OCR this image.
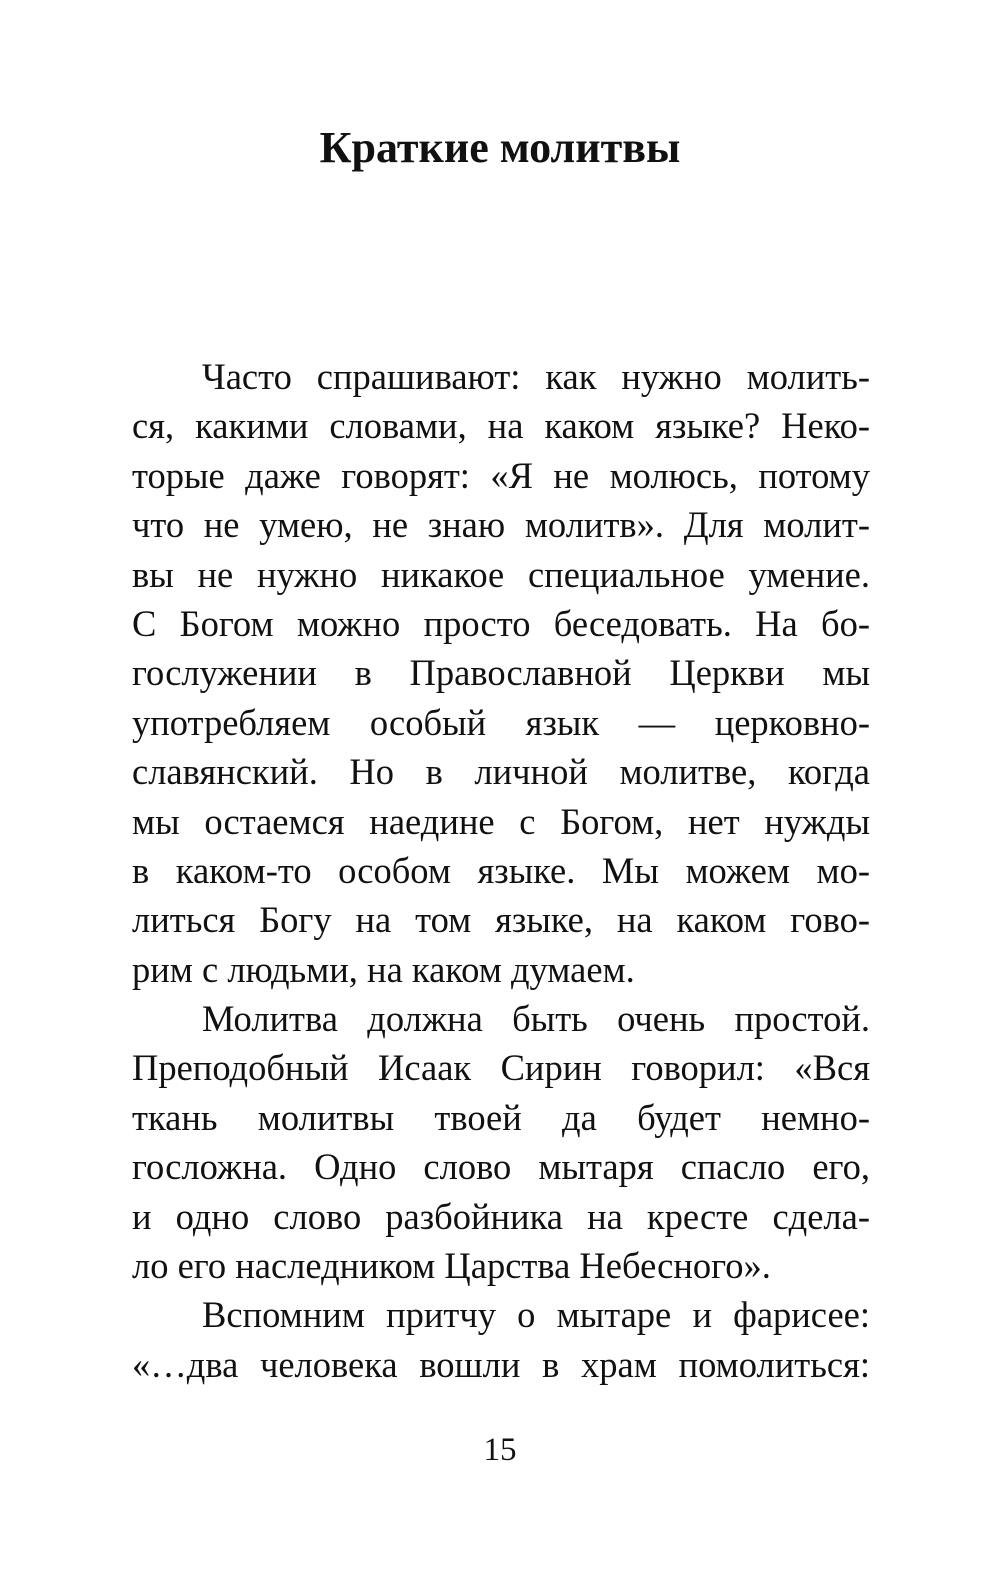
Краткие молитвы
Часто спрашивают: как нужно молить-
ся, какими словами, на каком языке? Неко-
торые даже говорят: «Я не молюсь, потому
что не умею, не знаю молитв». Для молит-
вы не нужно никакое специальное умение.
С Богом можно просто беседовать. На бо-
гослужении в Православной Церкви мы
употребляем особый язык — церковно-
славянский. Но в личной молитве, когда
мы остаемся наедине с Богом, нет нужды
в каком-то особом языке. Мы можем мо-
литься Богу на том языке, на каком гово-
рим с людьми, на каком думаем.
Молитва должна быть очень простой.
Преподобный Исаак Сирин говорил: «Вся
ткань молитвы твоей да будет немно-
госложна. Одно слово мытаря спасло его,
и одно слово разбойника на кресте сдела-
ло его наследником Царства Небесного».
Вспомним притчу о мытаре и фарисее:
«…два человека вошли в храм помолиться:
15
